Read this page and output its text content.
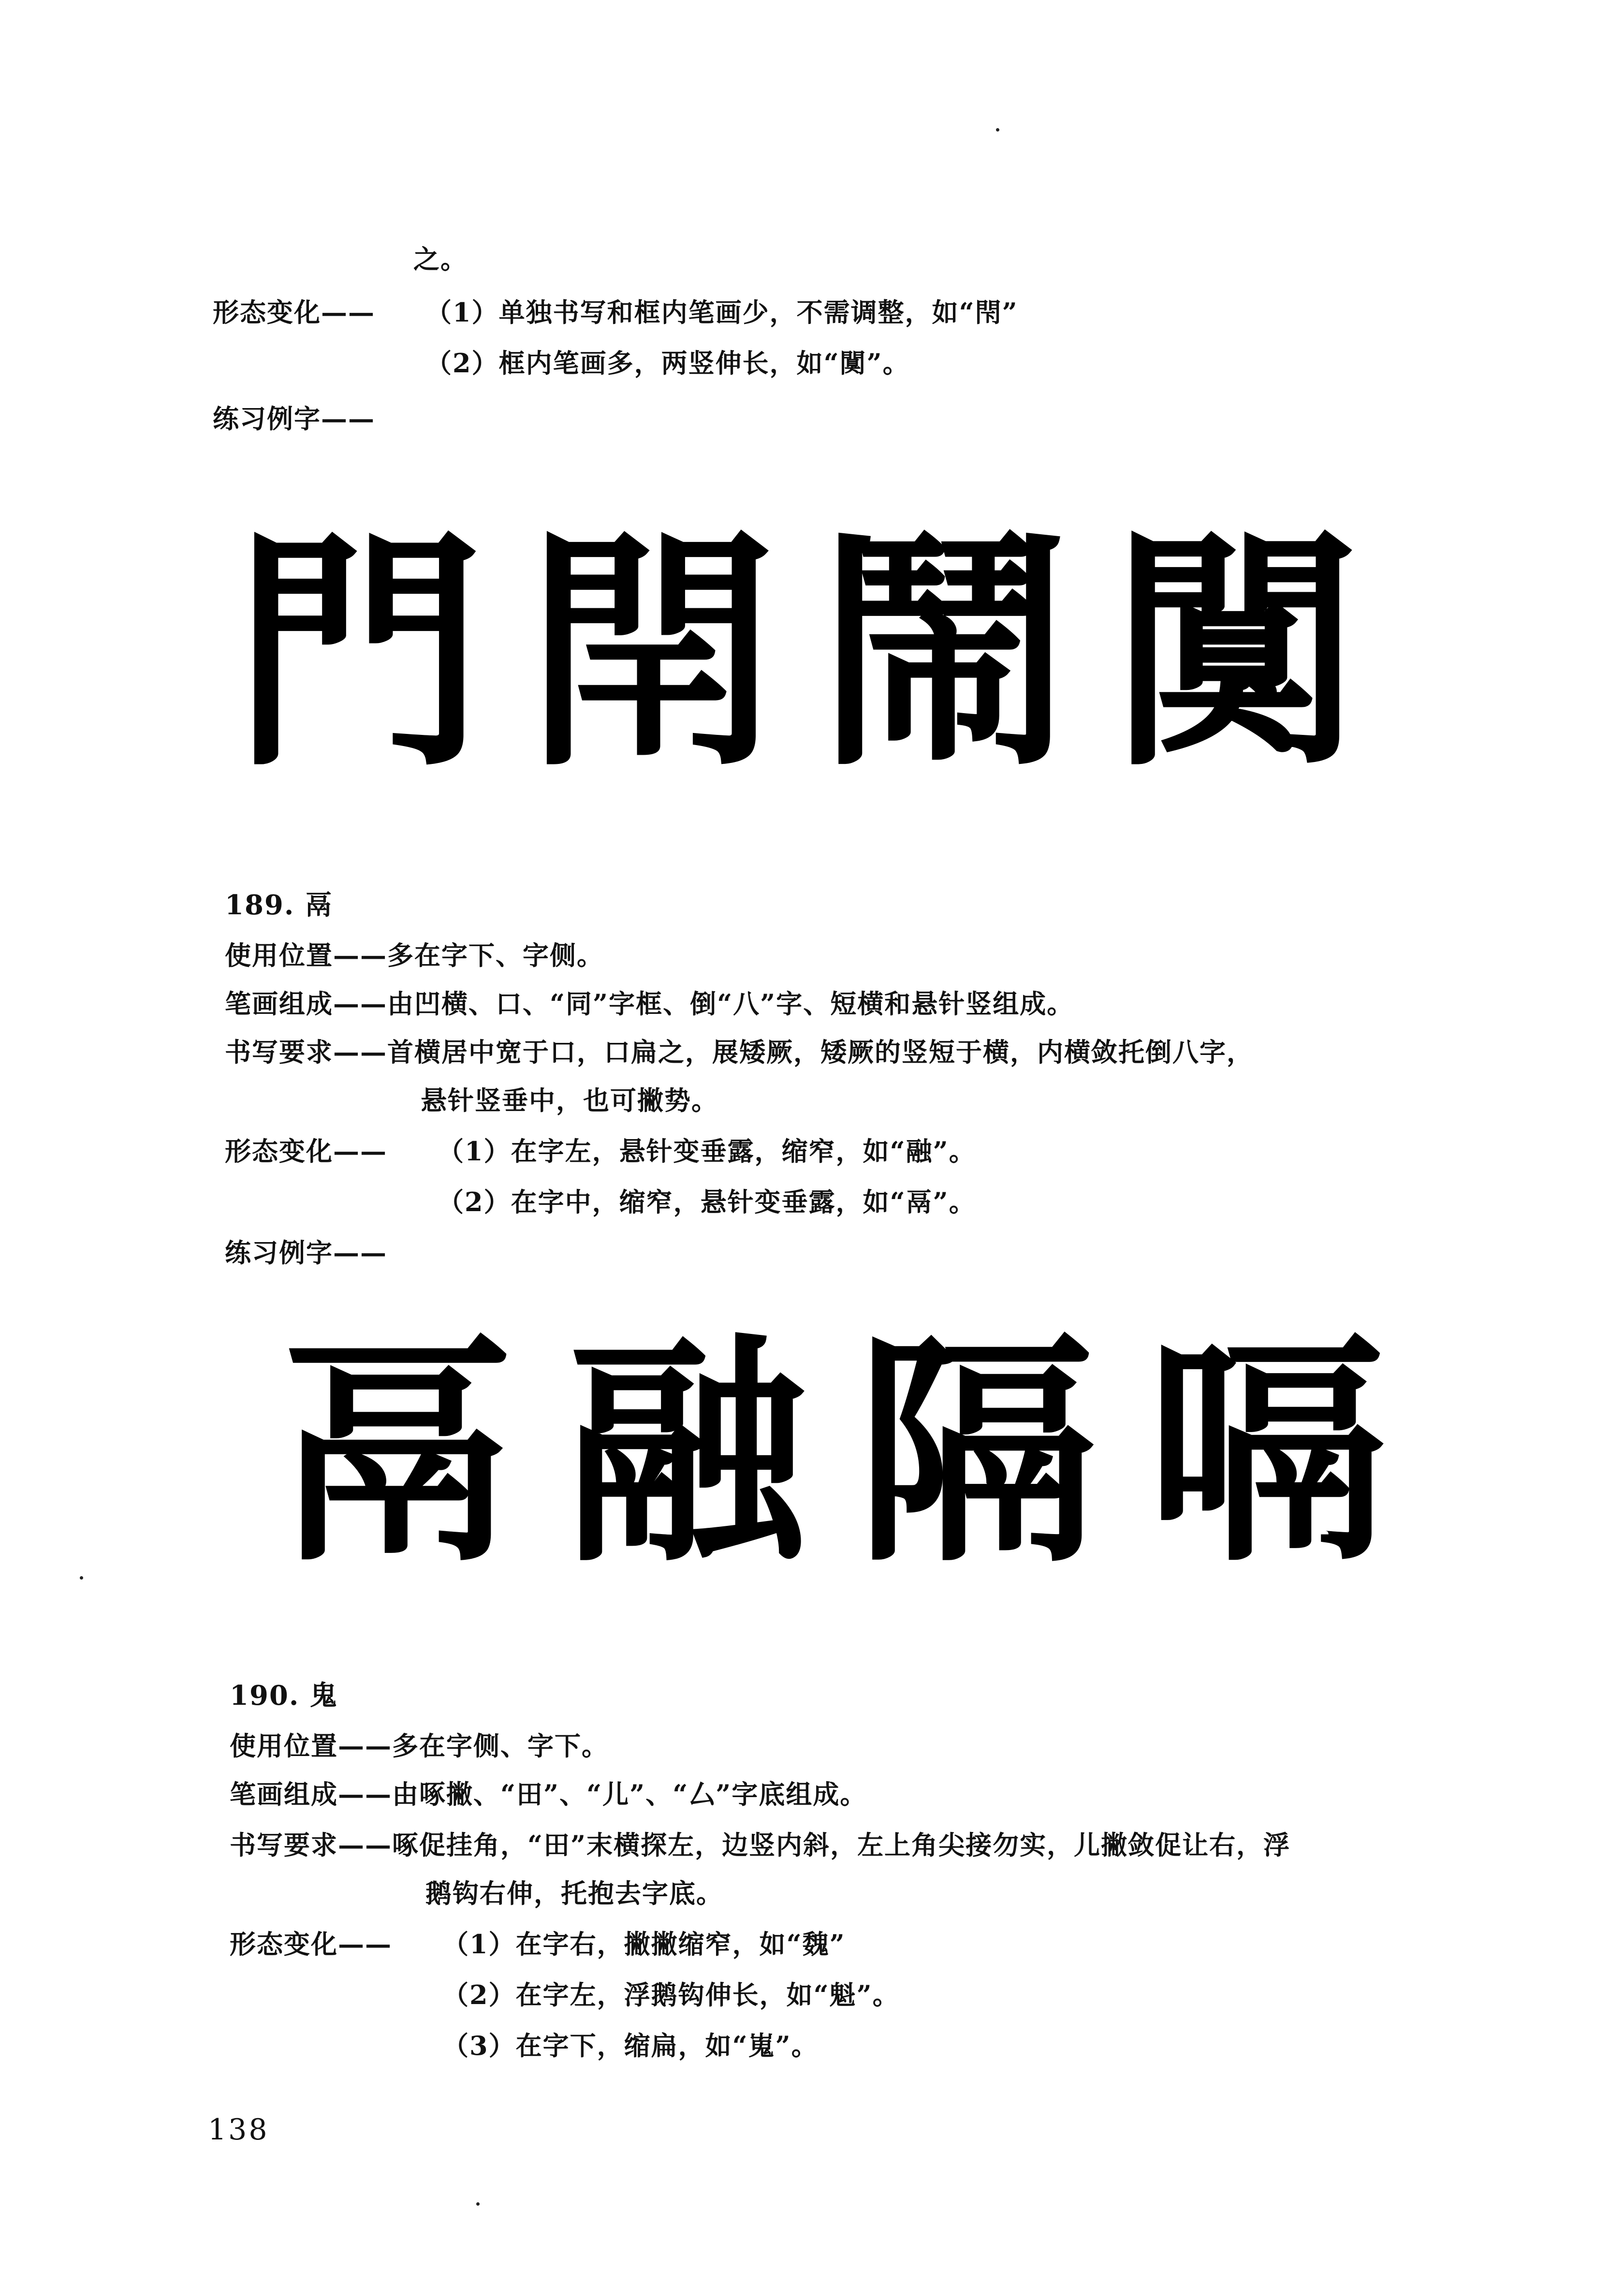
之。
形态变化—— （1）单独书写和框内笔画少，不需调整，如“閇”
（2）框内笔画多，两竖伸长，如“闃”。
练习例字——
門 閈 鬧 闃
189. 鬲
使用位置——多在字下、字侧。
笔画组成——由凹横、口、“同”字框、倒“八”字、短横和悬针竖组成。
书写要求——首横居中宽于口，口扁之，展矮厥，矮厥的竖短于横，内横敛托倒八字，
悬针竖垂中，也可撇势。
形态变化—— （1）在字左，悬针变垂露，缩窄，如“融”。
（2）在字中，缩窄，悬针变垂露，如“鬲”。
练习例字——
鬲 融 隔 嗝
190. 鬼
使用位置——多在字侧、字下。
笔画组成——由啄撇、“田”、“儿”、“厶”字底组成。
书写要求——啄促挂角，“田”末横探左，边竖内斜，左上角尖接勿实，儿撇敛促让右，浮
鹅钩右伸，托抱去字底。
形态变化—— （1）在字右，撇撇缩窄，如“魏”
（2）在字左，浮鹅钩伸长，如“魁”。
（3）在字下，缩扁，如“嵬”。
138
